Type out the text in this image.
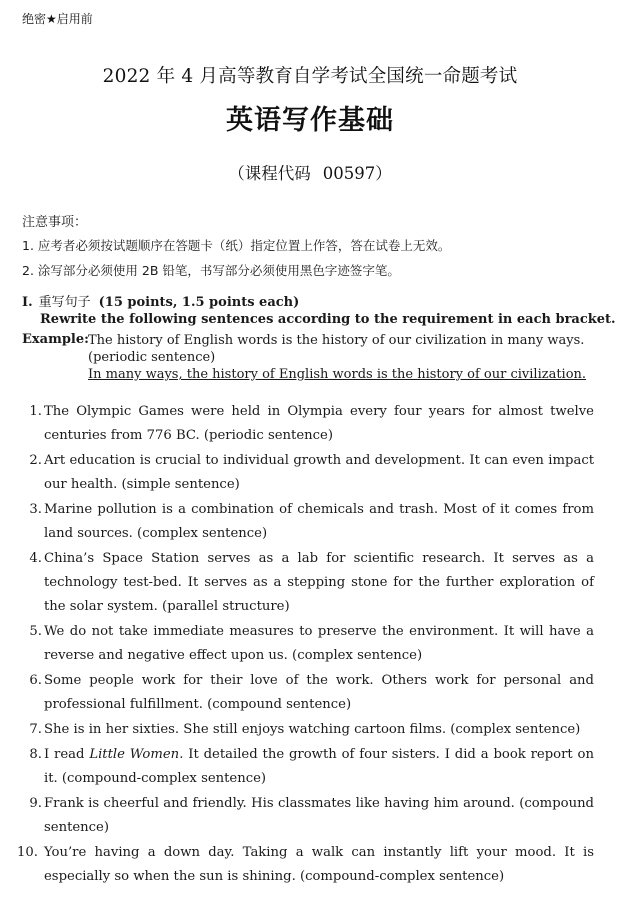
绝密★启用前
2022 年 4 月高等教育自学考试全国统一命题考试
英语写作基础
（课程代码 00597）
注意事项：
1. 应考者必须按试题顺序在答题卡（纸）指定位置上作答，答在试卷上无效。
2. 涂写部分必须使用 2B 铅笔，书写部分必须使用黑色字迹签字笔。
I. 重写句子 (15 points, 1.5 points each)
Rewrite the following sentences according to the requirement in each bracket.
Example: The history of English words is the history of our civilization in many ways.
(periodic sentence)
In many ways, the history of English words is the history of our civilization.
1. The Olympic Games were held in Olympia every four years for almost twelve centuries from 776 BC. (periodic sentence)
2. Art education is crucial to individual growth and development. It can even impact our health. (simple sentence)
3. Marine pollution is a combination of chemicals and trash. Most of it comes from land sources. (complex sentence)
4. China’s Space Station serves as a lab for scientific research. It serves as a technology test-bed. It serves as a stepping stone for the further exploration of the solar system. (parallel structure)
5. We do not take immediate measures to preserve the environment. It will have a reverse and negative effect upon us. (complex sentence)
6. Some people work for their love of the work. Others work for personal and professional fulfillment. (compound sentence)
7. She is in her sixties. She still enjoys watching cartoon films. (complex sentence)
8. I read Little Women. It detailed the growth of four sisters. I did a book report on it. (compound-complex sentence)
9. Frank is cheerful and friendly. His classmates like having him around. (compound sentence)
10. You’re having a down day. Taking a walk can instantly lift your mood. It is especially so when the sun is shining. (compound-complex sentence)
